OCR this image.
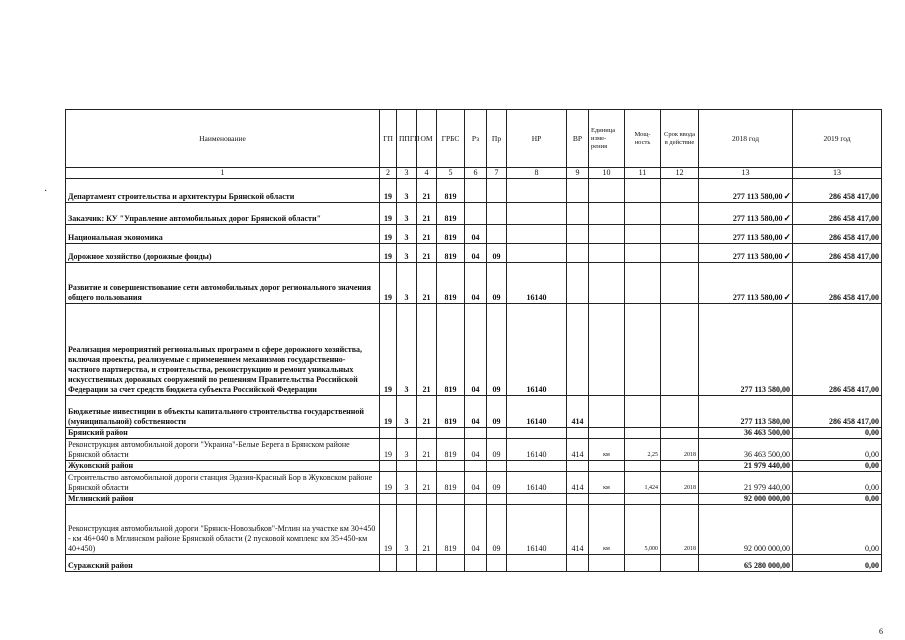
Наименование	ГП	ППГП	ОМ	ГРБС	Рз	Пр	НР	ВР	Единица изме-рения	Мощ-ность	Срок ввода в действие	2018 год	2019 год
1	2	3	4	5	6	7	8	9	10	11	12	13	13
Департамент строительства и архитектуры Брянской области	19	3	21	819								277 113 580,00✓	286 458 417,00
Заказчик: КУ "Управление автомобильных дорог Брянской области"	19	3	21	819								277 113 580,00✓	286 458 417,00
Национальная экономика	19	3	21	819	04							277 113 580,00✓	286 458 417,00
Дорожное хозяйство (дорожные фонды)	19	3	21	819	04	09						277 113 580,00✓	286 458 417,00
Развитие и совершенствование сети автомобильных дорог регионального значения общего пользования	19	3	21	819	04	09	16140					277 113 580,00✓	286 458 417,00
Реализация мероприятий региональных программ в сфере дорожного хозяйства, включая проекты, реализуемые с применением механизмов государственно-частного партнерства, и строительства, реконструкцию и ремонт уникальных искусственных дорожных сооружений по решениям Правительства Российской Федерации за счет средств бюджета субъекта Российской Федерации	19	3	21	819	04	09	16140					277 113 580,00	286 458 417,00
Бюджетные инвестиции в объекты капитального строительства государственной (муниципальной) собственности	19	3	21	819	04	09	16140	414				277 113 580,00	286 458 417,00
Брянский район												36 463 500,00	0,00
Реконструкция автомобильной дороги "Украина"-Белые Берега в Брянском районе Брянской области	19	3	21	819	04	09	16140	414	км	2,25	2018	36 463 500,00	0,00
Жуковский район												21 979 440,00	0,00
Строительство автомобильной дороги станция Эдазия-Красный Бор в Жуковском районе Брянской области	19	3	21	819	04	09	16140	414	км	1,424	2018	21 979 440,00	0,00
Мглинский район												92 000 000,00	0,00
Реконструкция автомобильной дороги "Брянск-Новозыбков"-Мглин на участке км 30+450 - км 46+040 в Мглинском районе Брянской области (2 пусковой комплекс км 35+450-км 40+450)	19	3	21	819	04	09	16140	414	км	5,000	2018	92 000 000,00	0,00
Суражский район												65 280 000,00	0,00
·
6
